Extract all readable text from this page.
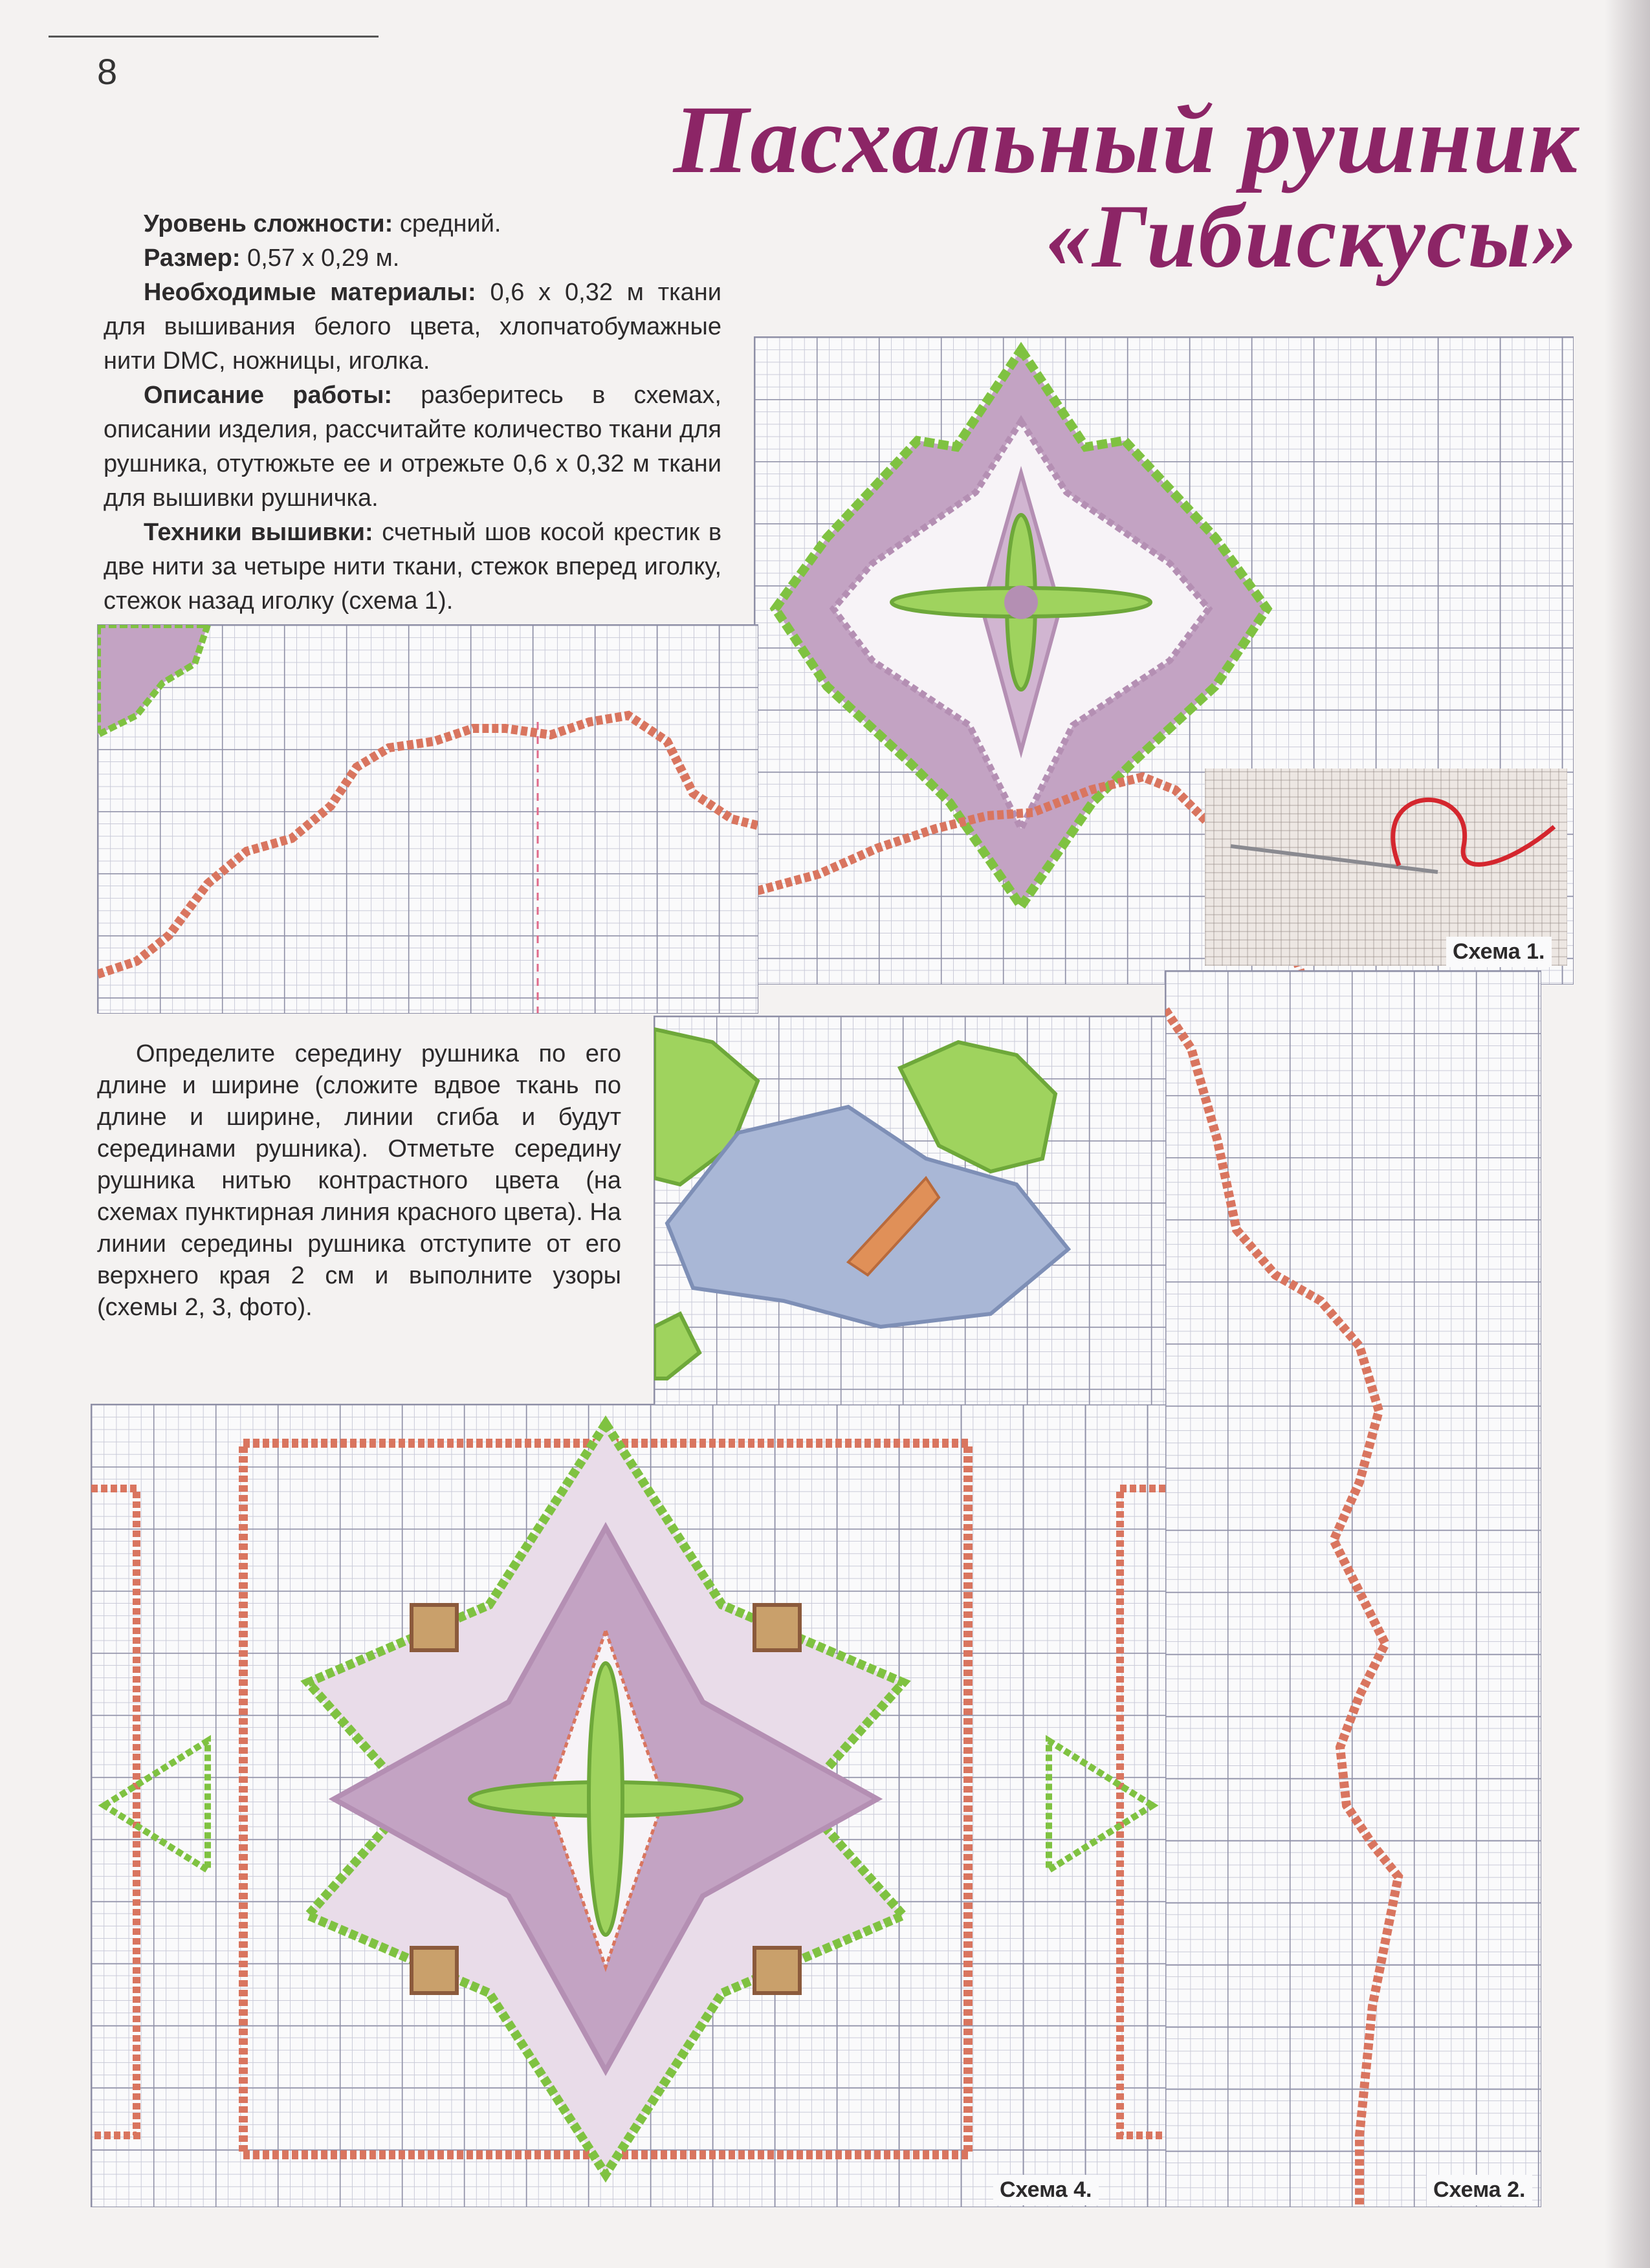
8
Пасхальный рушник
«Гибискусы»

Уровень сложности: средний.

Размер: 0,57 х 0,29 м.

Необходимые материалы: 0,6 х 0,32 м ткани для вышивания белого цвета, хлопчатобумажные нити DMC, ножницы, иголка.

Описание работы: разберитесь в схемах, описании изделия, рассчитайте количество ткани для рушника, отутюжьте ее и отрежьте 0,6 х 0,32 м ткани для вышивки рушничка.

Техники вышивки: счетный шов косой крестик в две нити за четыре нити ткани, стежок вперед иголку, стежок назад иголку (схема 1).

Схема 1.
Схема 2.

Определите середину рушника по его длине и ширине (сложите вдвое ткань по длине и ширине, линии сгиба и будут серединами рушника). Отметьте середину рушника нитью контрастного цвета (на схемах пунктирная линия красного цвета). На линии середины рушника отступите от его верхнего края 2 см и выполните узоры (схемы 2, 3, фото).

Схема 4.
